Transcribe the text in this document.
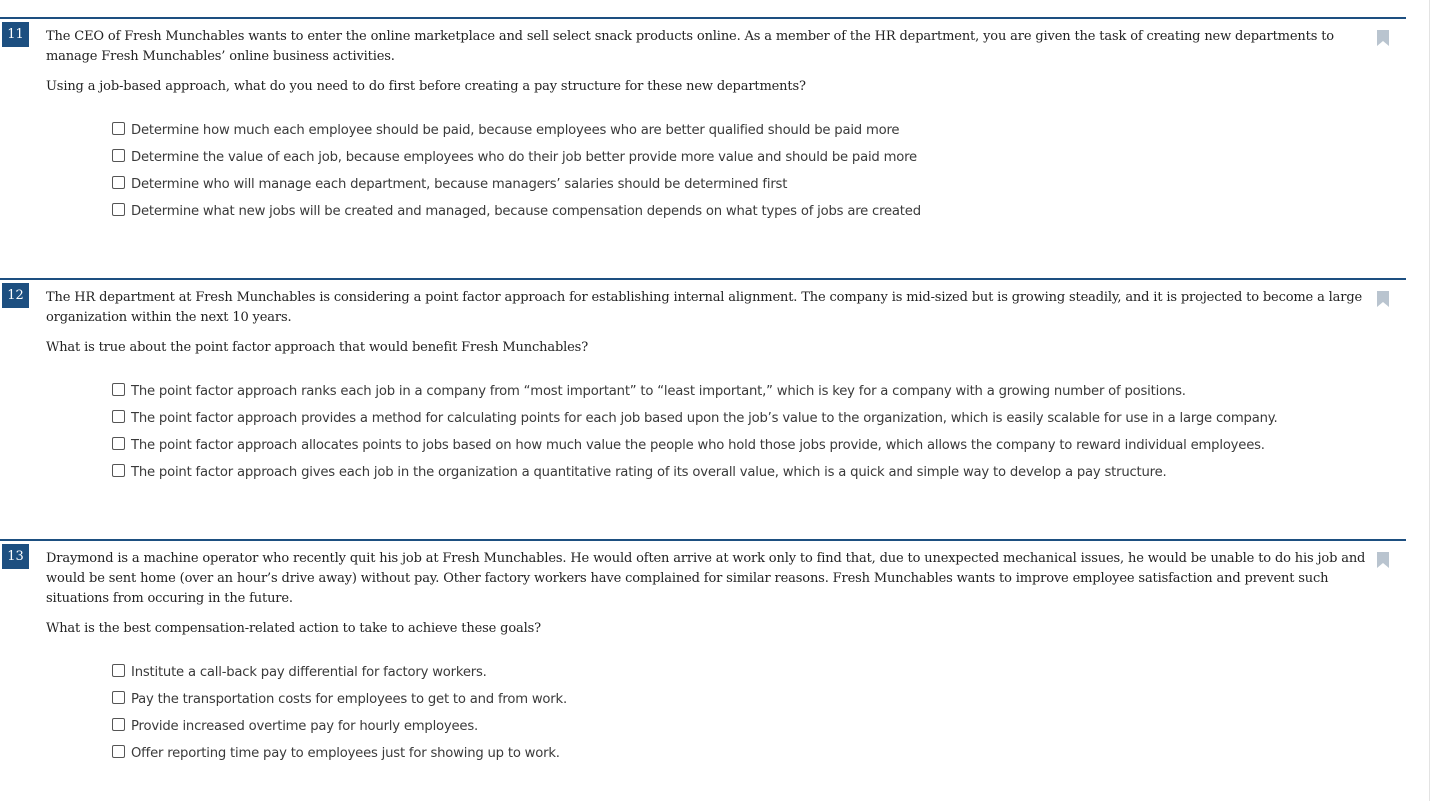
11	The CEO of Fresh Munchables wants to enter the online marketplace and sell select snack products online. As a member of the HR department, you are given the task of creating new departments to manage Fresh Munchables’ online business activities.

Using a job-based approach, what do you need to do first before creating a pay structure for these new departments?

Determine how much each employee should be paid, because employees who are better qualified should be paid more
Determine the value of each job, because employees who do their job better provide more value and should be paid more
Determine who will manage each department, because managers’ salaries should be determined first
Determine what new jobs will be created and managed, because compensation depends on what types of jobs are created
12	The HR department at Fresh Munchables is considering a point factor approach for establishing internal alignment. The company is mid-sized but is growing steadily, and it is projected to become a large organization within the next 10 years.

What is true about the point factor approach that would benefit Fresh Munchables?

The point factor approach ranks each job in a company from “most important” to “least important,” which is key for a company with a growing number of positions.
The point factor approach provides a method for calculating points for each job based upon the job’s value to the organization, which is easily scalable for use in a large company.
The point factor approach allocates points to jobs based on how much value the people who hold those jobs provide, which allows the company to reward individual employees.
The point factor approach gives each job in the organization a quantitative rating of its overall value, which is a quick and simple way to develop a pay structure.
13	Draymond is a machine operator who recently quit his job at Fresh Munchables. He would often arrive at work only to find that, due to unexpected mechanical issues, he would be unable to do his job and would be sent home (over an hour’s drive away) without pay. Other factory workers have complained for similar reasons. Fresh Munchables wants to improve employee satisfaction and prevent such situations from occuring in the future.

What is the best compensation-related action to take to achieve these goals?

Institute a call-back pay differential for factory workers.
Pay the transportation costs for employees to get to and from work.
Provide increased overtime pay for hourly employees.
Offer reporting time pay to employees just for showing up to work.
